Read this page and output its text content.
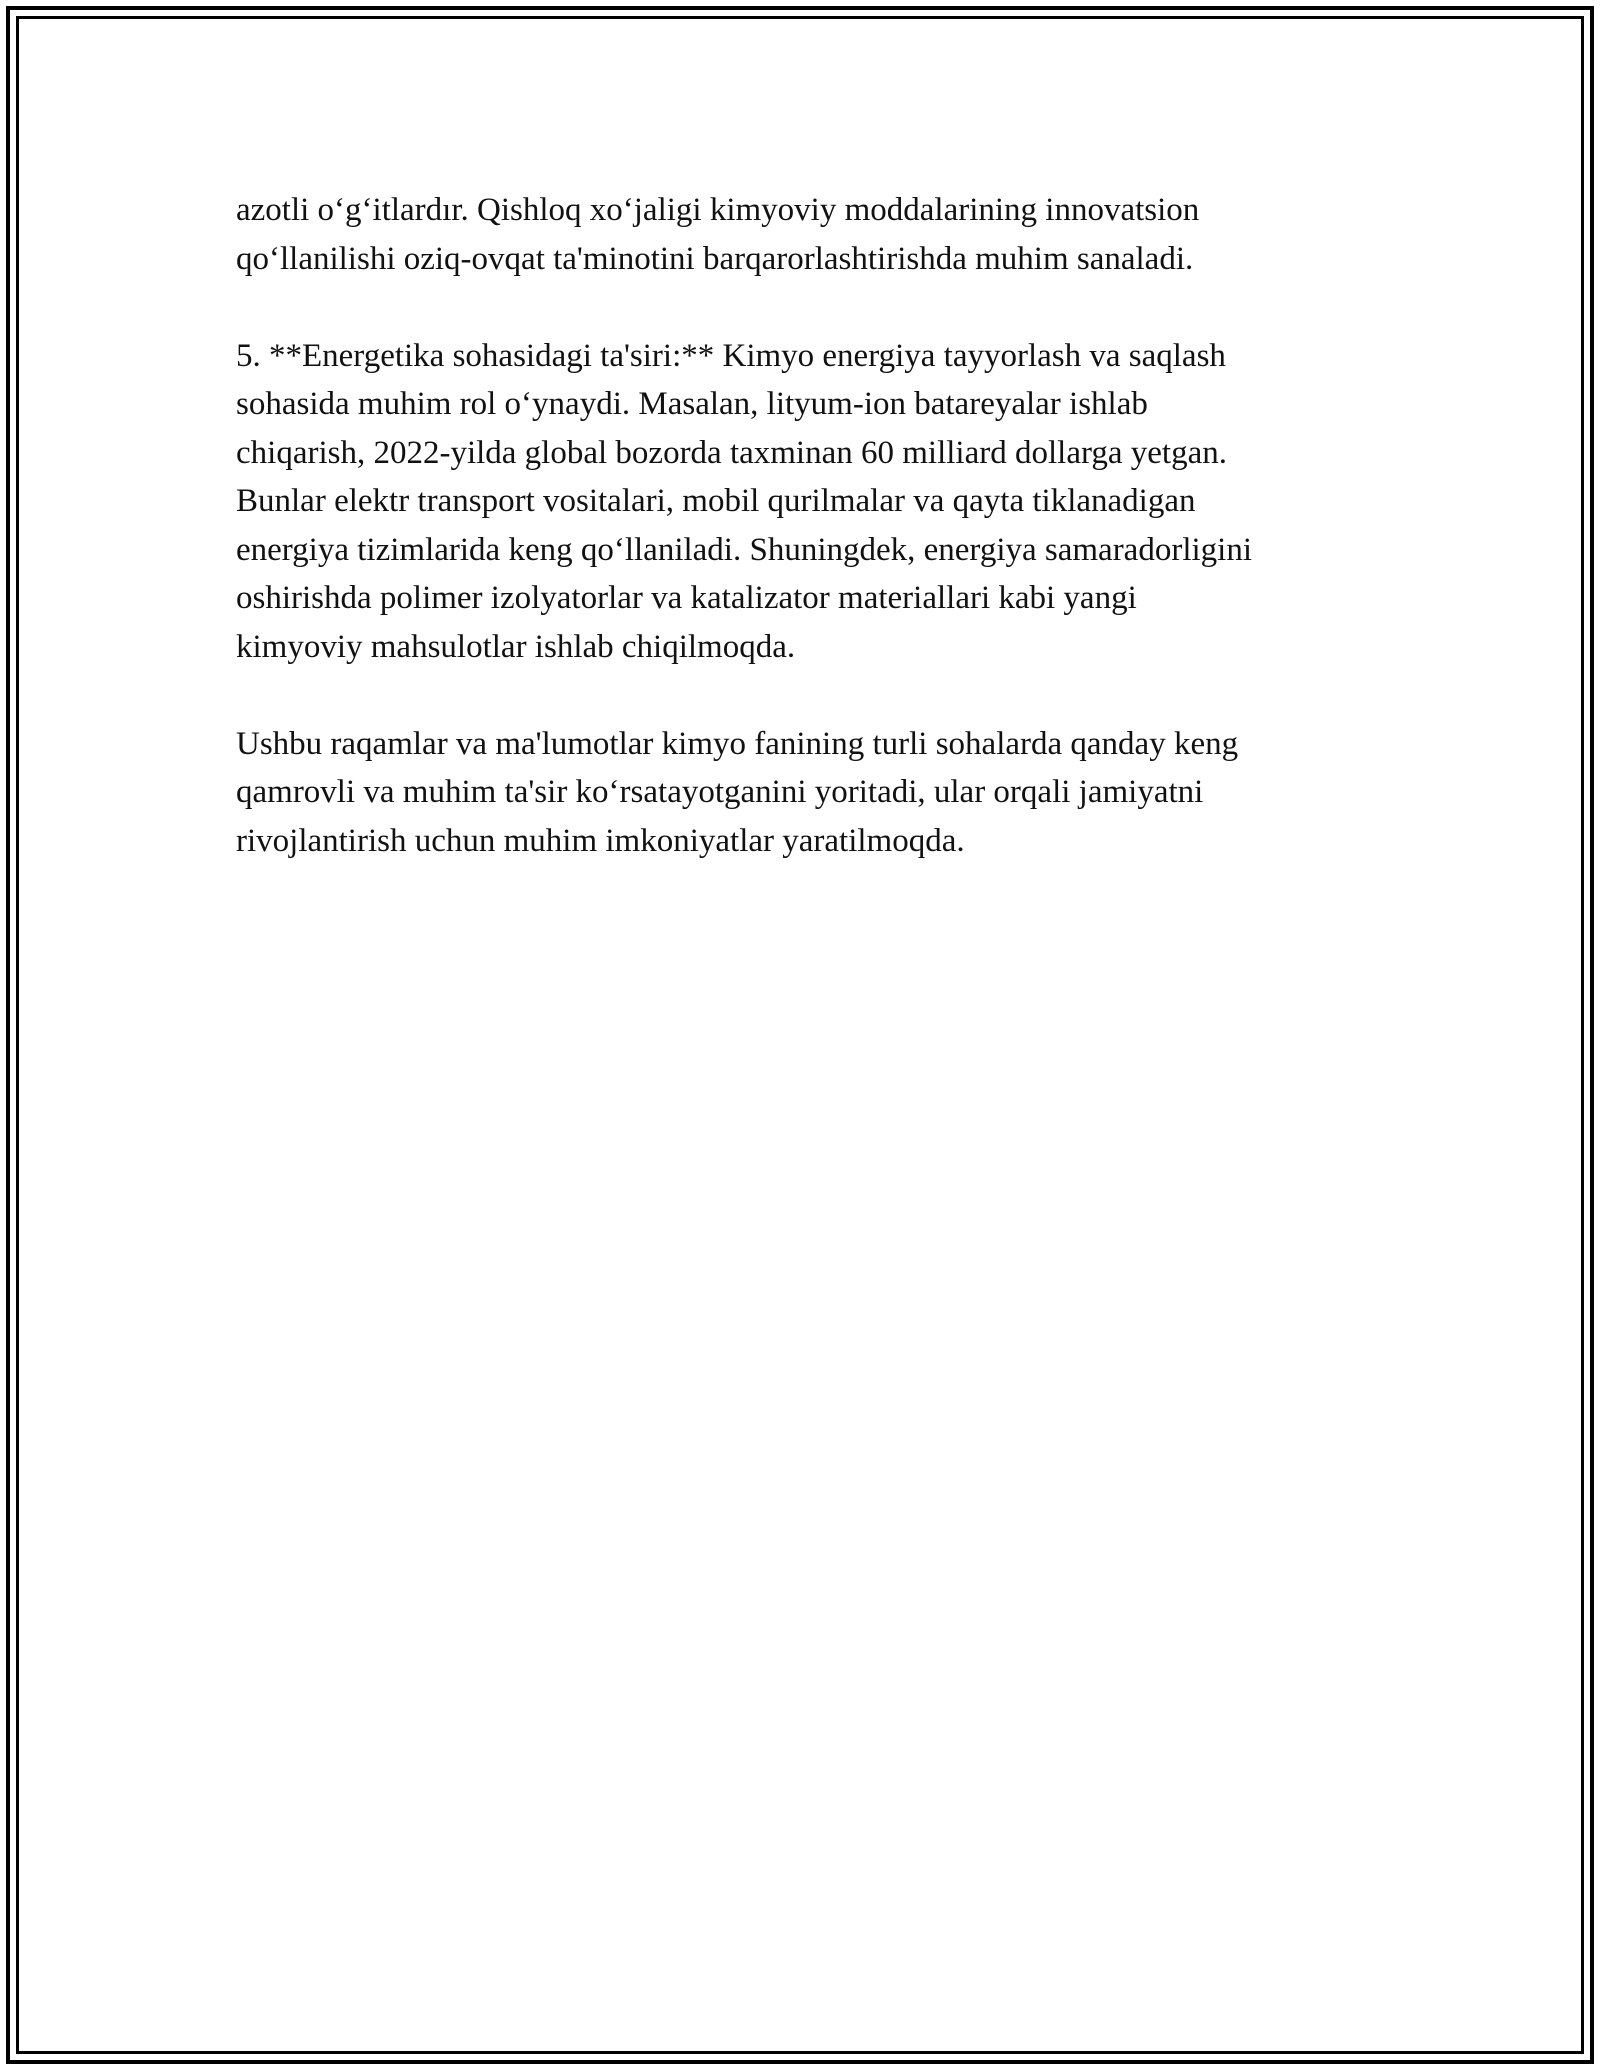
azotli o‘g‘itlardır. Qishloq xo‘jaligi kimyoviy moddalarining innovatsion
qo‘llanilishi oziq-ovqat ta'minotini barqarorlashtirishda muhim sanaladi.

5. **Energetika sohasidagi ta'siri:** Kimyo energiya tayyorlash va saqlash
sohasida muhim rol o‘ynaydi. Masalan, lityum-ion batareyalar ishlab
chiqarish, 2022-yilda global bozorda taxminan 60 milliard dollarga yetgan.
Bunlar elektr transport vositalari, mobil qurilmalar va qayta tiklanadigan
energiya tizimlarida keng qo‘llaniladi. Shuningdek, energiya samaradorligini
oshirishda polimer izolyatorlar va katalizator materiallari kabi yangi
kimyoviy mahsulotlar ishlab chiqilmoqda.

Ushbu raqamlar va ma'lumotlar kimyo fanining turli sohalarda qanday keng
qamrovli va muhim ta'sir ko‘rsatayotganini yoritadi, ular orqali jamiyatni
rivojlantirish uchun muhim imkoniyatlar yaratilmoqda.
